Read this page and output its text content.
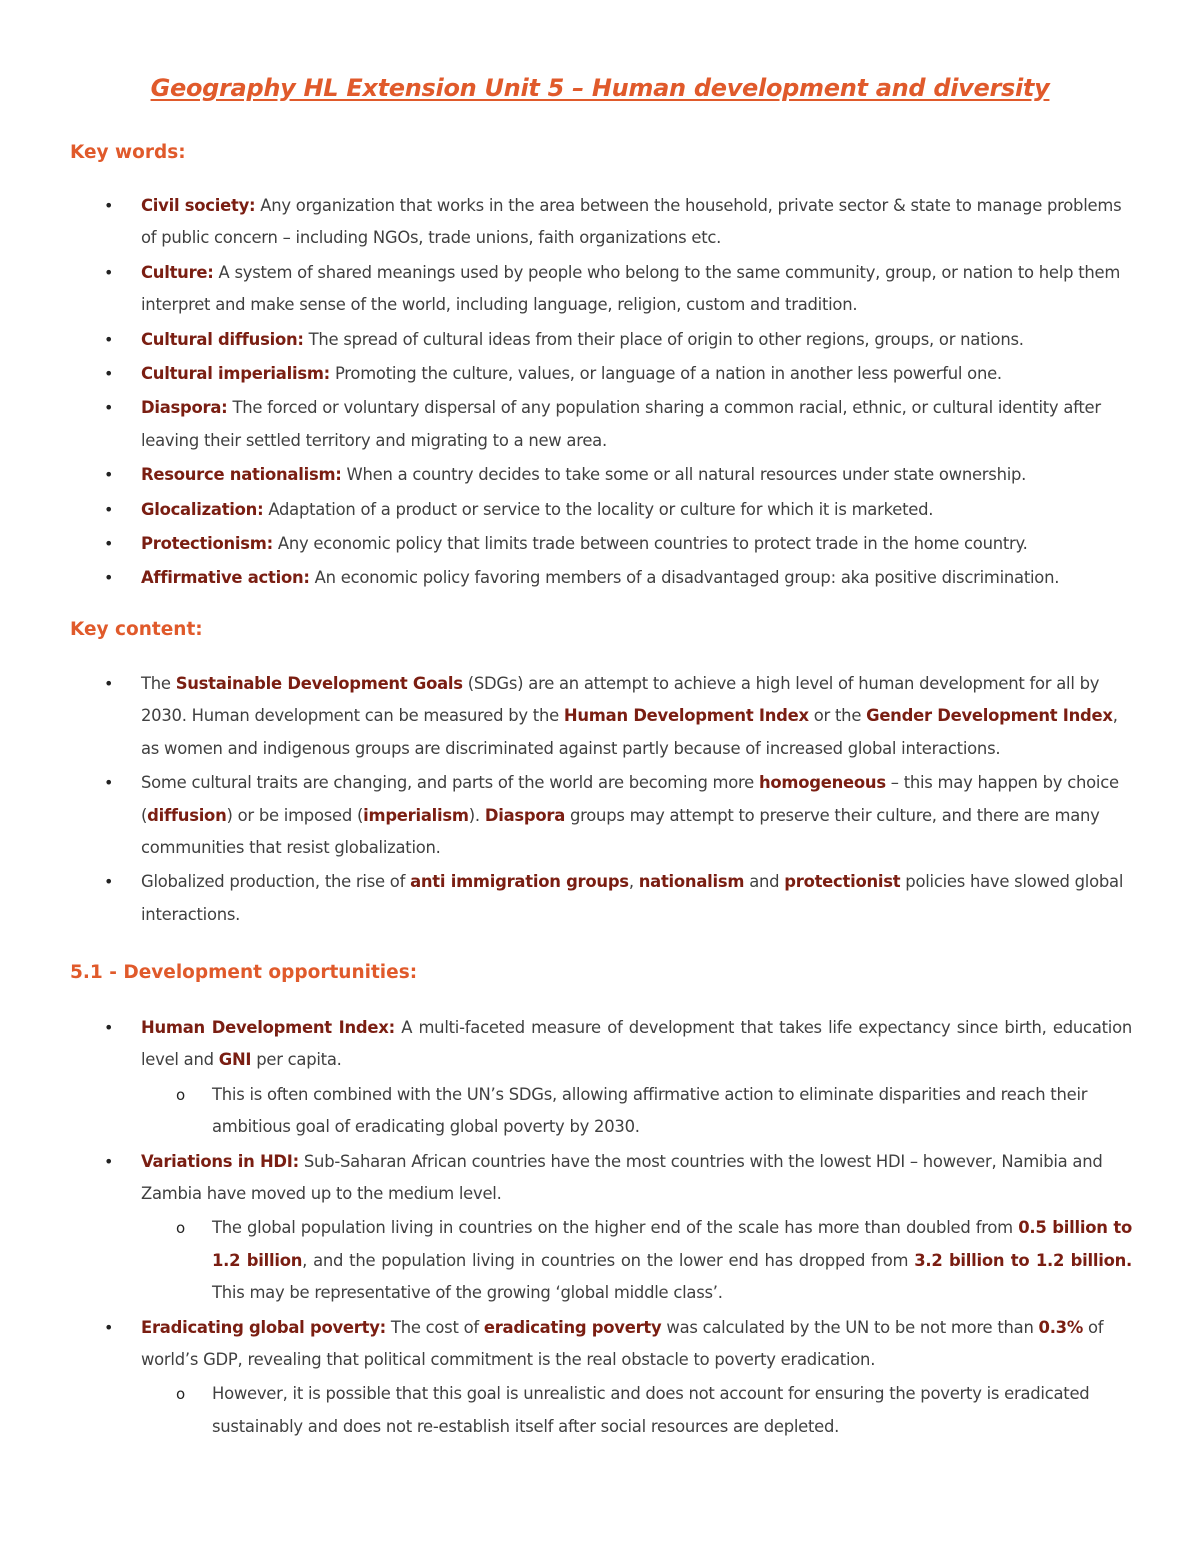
Geography HL Extension Unit 5 – Human development and diversity
Key words:
• Civil society: Any organization that works in the area between the household, private sector & state to manage problems of public concern – including NGOs, trade unions, faith organizations etc.
• Culture: A system of shared meanings used by people who belong to the same community, group, or nation to help them interpret and make sense of the world, including language, religion, custom and tradition.
• Cultural diffusion: The spread of cultural ideas from their place of origin to other regions, groups, or nations.
• Cultural imperialism: Promoting the culture, values, or language of a nation in another less powerful one.
• Diaspora: The forced or voluntary dispersal of any population sharing a common racial, ethnic, or cultural identity after leaving their settled territory and migrating to a new area.
• Resource nationalism: When a country decides to take some or all natural resources under state ownership.
• Glocalization: Adaptation of a product or service to the locality or culture for which it is marketed.
• Protectionism: Any economic policy that limits trade between countries to protect trade in the home country.
• Affirmative action: An economic policy favoring members of a disadvantaged group: aka positive discrimination.
Key content:
• The Sustainable Development Goals (SDGs) are an attempt to achieve a high level of human development for all by 2030. Human development can be measured by the Human Development Index or the Gender Development Index, as women and indigenous groups are discriminated against partly because of increased global interactions.
• Some cultural traits are changing, and parts of the world are becoming more homogeneous – this may happen by choice (diffusion) or be imposed (imperialism). Diaspora groups may attempt to preserve their culture, and there are many communities that resist globalization.
• Globalized production, the rise of anti immigration groups, nationalism and protectionist policies have slowed global interactions.
5.1 - Development opportunities:
• Human Development Index: A multi-faceted measure of development that takes life expectancy since birth, education level and GNI per capita.
o This is often combined with the UN’s SDGs, allowing affirmative action to eliminate disparities and reach their ambitious goal of eradicating global poverty by 2030.
• Variations in HDI: Sub-Saharan African countries have the most countries with the lowest HDI – however, Namibia and Zambia have moved up to the medium level.
o The global population living in countries on the higher end of the scale has more than doubled from 0.5 billion to 1.2 billion, and the population living in countries on the lower end has dropped from 3.2 billion to 1.2 billion. This may be representative of the growing ‘global middle class’.
• Eradicating global poverty: The cost of eradicating poverty was calculated by the UN to be not more than 0.3% of world’s GDP, revealing that political commitment is the real obstacle to poverty eradication.
o However, it is possible that this goal is unrealistic and does not account for ensuring the poverty is eradicated sustainably and does not re-establish itself after social resources are depleted.
